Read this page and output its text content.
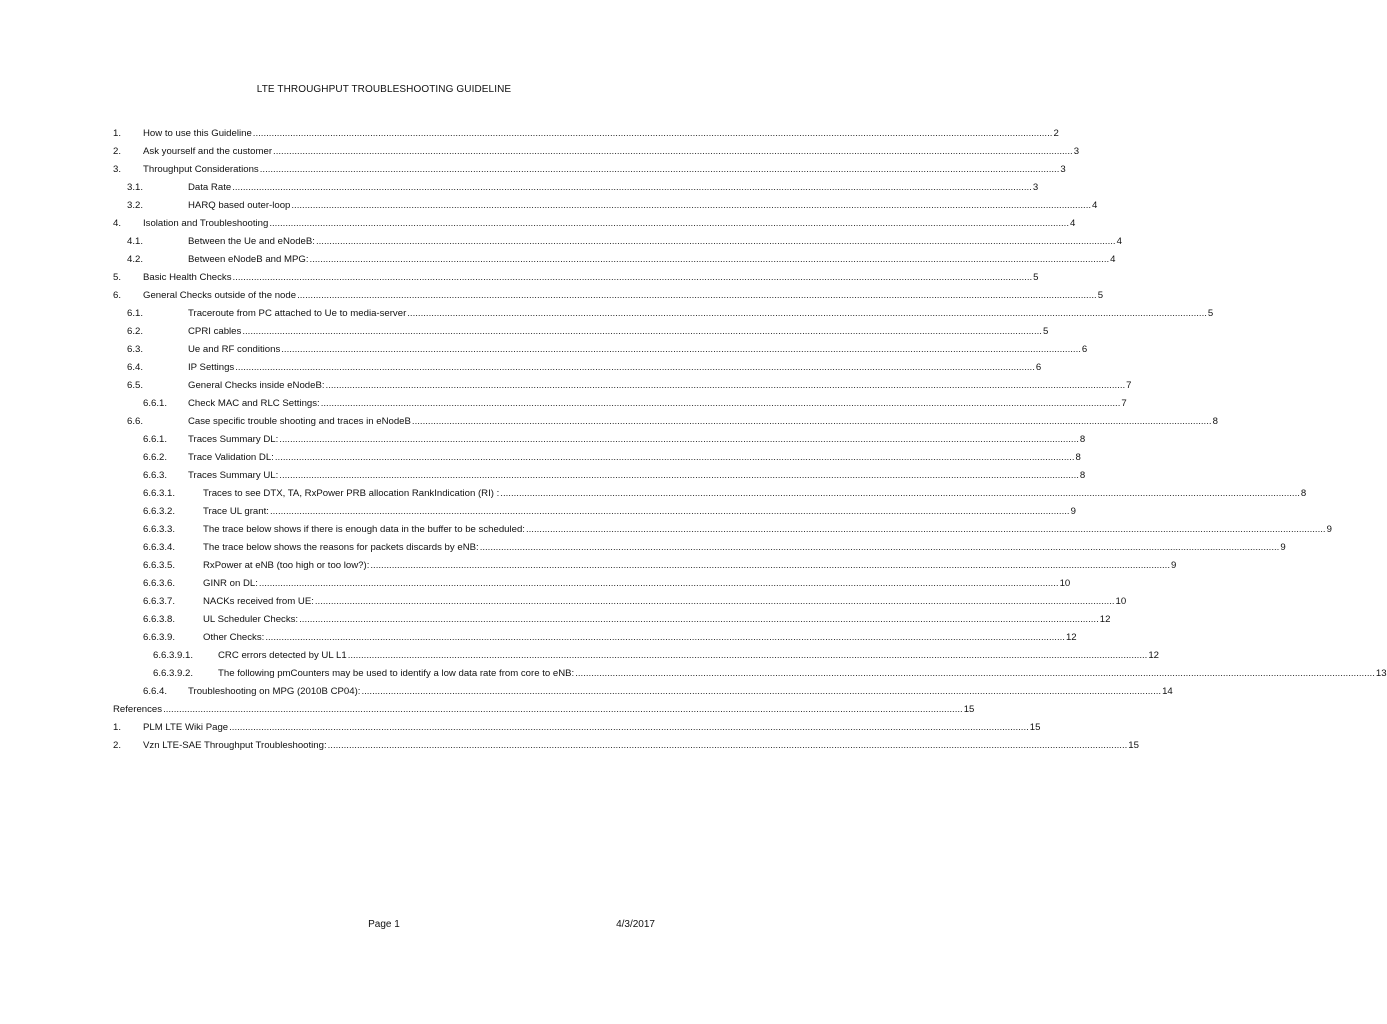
LTE THROUGHPUT TROUBLESHOOTING GUIDELINE
1. How to use this Guideline ............................................................................................................................................................................................................................................................................................................ 2
2. Ask yourself and the customer ............................................................................................................................................................................................................................................................................................................ 3
3. Throughput Considerations ............................................................................................................................................................................................................................................................................................................ 3
3.1.	Data Rate ............................................................................................................................................................................................................................................................................................................ 3
3.2.	HARQ based outer-loop ............................................................................................................................................................................................................................................................................................................ 4
4. Isolation and Troubleshooting ............................................................................................................................................................................................................................................................................................................ 4
4.1.	Between the Ue and eNodeB: ............................................................................................................................................................................................................................................................................................................ 4
4.2.	Between eNodeB and MPG: ............................................................................................................................................................................................................................................................................................................ 4
5. Basic Health Checks ............................................................................................................................................................................................................................................................................................................ 5
6. General Checks outside of the node ............................................................................................................................................................................................................................................................................................................ 5
6.1.	Traceroute from PC attached to Ue to media-server ............................................................................................................................................................................................................................................................................................................ 5
6.2.	CPRI cables ............................................................................................................................................................................................................................................................................................................ 5
6.3.	Ue and RF conditions ............................................................................................................................................................................................................................................................................................................ 6
6.4.	IP Settings ............................................................................................................................................................................................................................................................................................................ 6
6.5.	General Checks inside eNodeB: ............................................................................................................................................................................................................................................................................................................ 7
6.6.1. Check MAC and RLC Settings: ............................................................................................................................................................................................................................................................................................................ 7
6.6.	Case specific trouble shooting and traces in eNodeB ............................................................................................................................................................................................................................................................................................................ 8
6.6.1. Traces Summary DL: ............................................................................................................................................................................................................................................................................................................ 8
6.6.2. Trace Validation DL: ............................................................................................................................................................................................................................................................................................................ 8
6.6.3. Traces Summary UL: ............................................................................................................................................................................................................................................................................................................ 8
6.6.3.1.	Traces to see DTX, TA, RxPower PRB allocation RankIndication (RI) : ............................................................................................................................................................................................................................................................................................................ 8
6.6.3.2.	Trace UL grant: ............................................................................................................................................................................................................................................................................................................ 9
6.6.3.3.	The trace below shows if there is enough data in the buffer to be scheduled: ............................................................................................................................................................................................................................................................................................................ 9
6.6.3.4.	The trace below shows the reasons for packets discards by eNB: ............................................................................................................................................................................................................................................................................................................ 9
6.6.3.5.	RxPower at eNB (too high or too low?): ............................................................................................................................................................................................................................................................................................................ 9
6.6.3.6.	GINR on DL: ............................................................................................................................................................................................................................................................................................................ 10
6.6.3.7.	NACKs received from UE: ............................................................................................................................................................................................................................................................................................................ 10
6.6.3.8.	UL Scheduler Checks: ............................................................................................................................................................................................................................................................................................................ 12
6.6.3.9.	Other Checks: ............................................................................................................................................................................................................................................................................................................ 12
6.6.3.9.1.	CRC errors detected by UL L1 ............................................................................................................................................................................................................................................................................................................ 12
6.6.3.9.2.	The following pmCounters may be used to identify a low data rate from core to eNB: ............................................................................................................................................................................................................................................................................................................ 13
6.6.4. Troubleshooting on MPG (2010B CP04): ............................................................................................................................................................................................................................................................................................................ 14
References ............................................................................................................................................................................................................................................................................................................ 15
1. PLM LTE Wiki Page ............................................................................................................................................................................................................................................................................................................ 15
2. Vzn LTE-SAE Throughput Troubleshooting: ............................................................................................................................................................................................................................................................................................................ 15
Page 1	4/3/2017
